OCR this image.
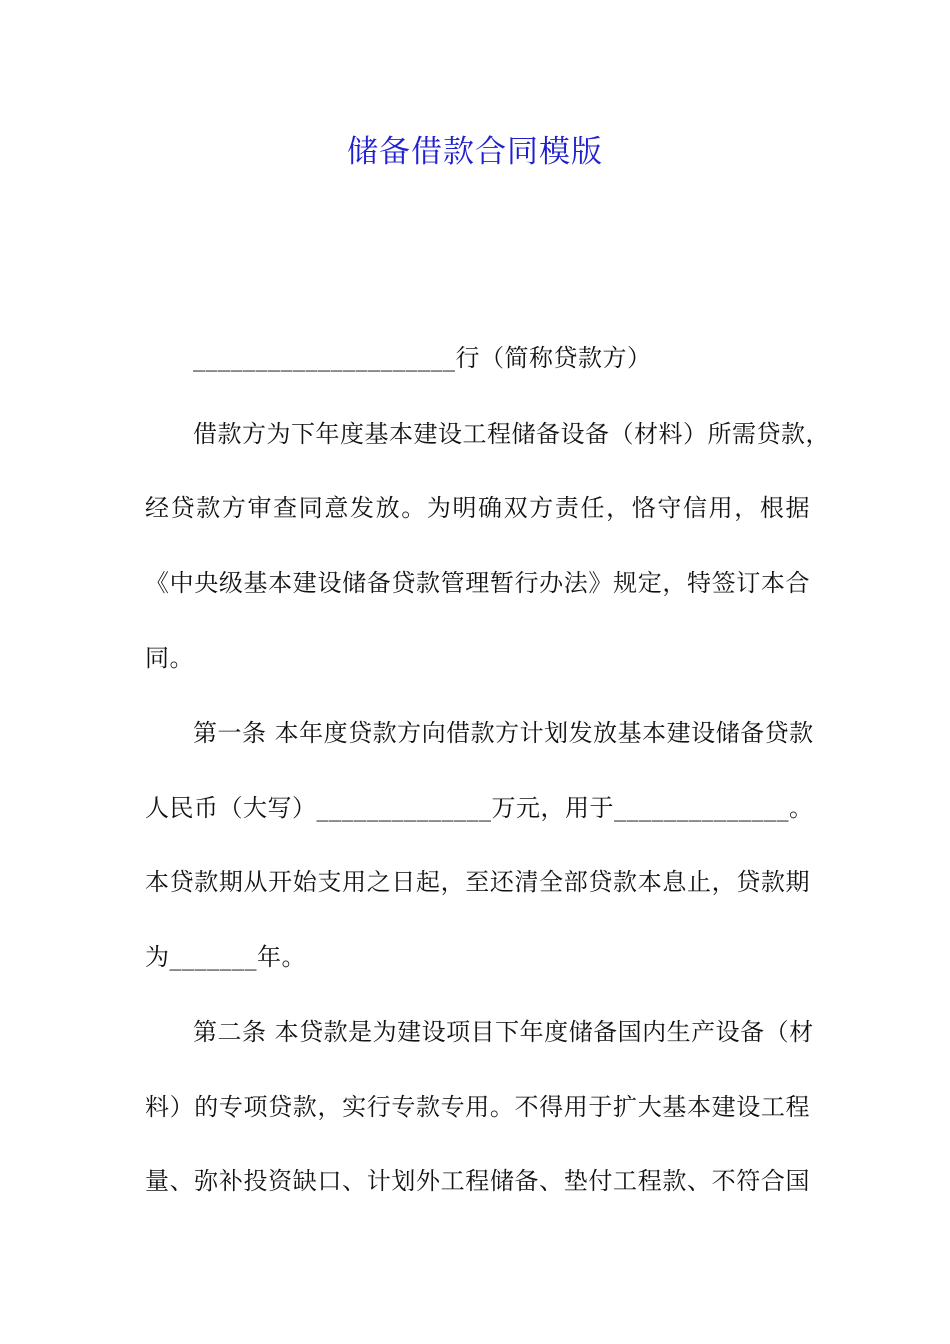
储备借款合同模版
_____________________行（简称贷款方）
借款方为下年度基本建设工程储备设备（材料）所需贷款，
经贷款方审查同意发放。为明确双方责任，恪守信用，根据
《中央级基本建设储备贷款管理暂行办法》规定，特签订本合
同。
第一条 本年度贷款方向借款方计划发放基本建设储备贷款
人民币（大写）______________万元，用于______________。
本贷款期从开始支用之日起，至还清全部贷款本息止，贷款期
为_______年。
第二条 本贷款是为建设项目下年度储备国内生产设备（材
料）的专项贷款，实行专款专用。不得用于扩大基本建设工程
量、弥补投资缺口、计划外工程储备、垫付工程款、不符合国
